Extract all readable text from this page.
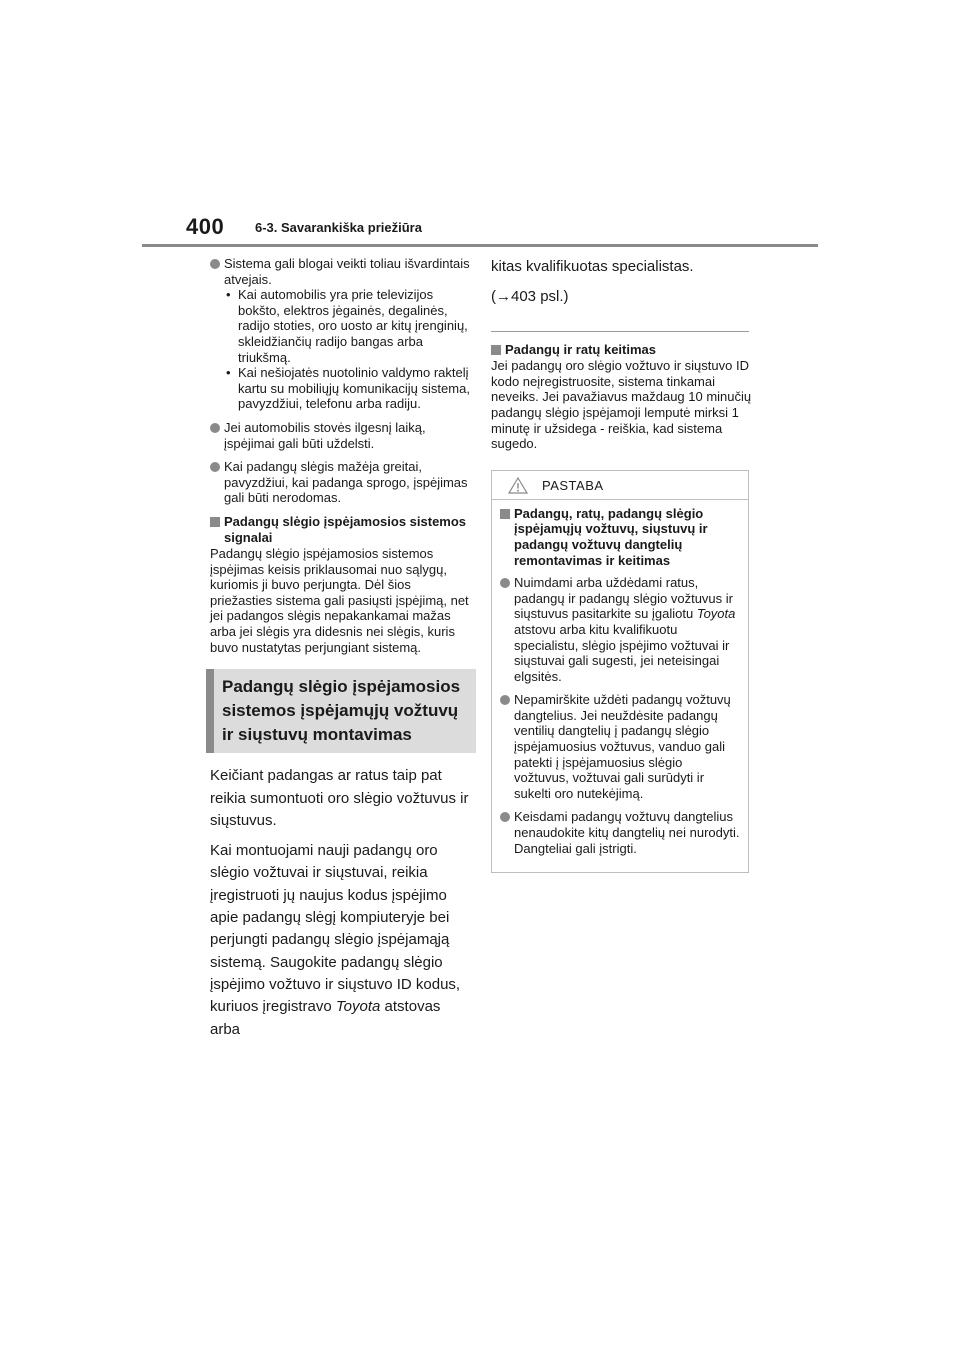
400 6-3. Savarankiška priežiūra
Sistema gali blogai veikti toliau išvardintais atvejais.
• Kai automobilis yra prie televizijos bokšto, elektros jėgainės, degalinės, radijo stoties, oro uosto ar kitų įrenginių, skleidžiančių radijo bangas arba triukšmą.
• Kai nešiojatės nuotolinio valdymo raktelį kartu su mobiliųjų komunikacijų sistema, pavyzdžiui, telefonu arba radiju.
Jei automobilis stovės ilgesnį laiką, įspėjimai gali būti uždelsti.
Kai padangų slėgis mažėja greitai, pavyzdžiui, kai padanga sprogo, įspėjimas gali būti nerodomas.
Padangų slėgio įspėjamosios sistemos signalai
Padangų slėgio įspėjamosios sistemos įspėjimas keisis priklausomai nuo sąlygų, kuriomis ji buvo perjungta. Dėl šios priežasties sistema gali pasiųsti įspėjimą, net jei padangos slėgis nepakankamai mažas arba jei slėgis yra didesnis nei slėgis, kuris buvo nustatytas perjungiant sistemą.
Padangų slėgio įspėjamosios sistemos įspėjamųjų vožtuvų ir siųstuvų montavimas
Keičiant padangas ar ratus taip pat reikia sumontuoti oro slėgio vožtuvus ir siųstuvus.
Kai montuojami nauji padangų oro slėgio vožtuvai ir siųstuvai, reikia įregistruoti jų naujus kodus įspėjimo apie padangų slėgį kompiuteryje bei perjungti padangų slėgio įspėjamąją sistemą. Saugokite padangų slėgio įspėjimo vožtuvo ir siųstuvo ID kodus, kuriuos įregistravo Toyota atstovas arba
kitas kvalifikuotas specialistas.
(→403 psl.)
Padangų ir ratų keitimas
Jei padangų oro slėgio vožtuvo ir siųstuvo ID kodo neįregistruosite, sistema tinkamai neveiks. Jei pavažiavus maždaug 10 minučių padangų slėgio įspėjamoji lemputė mirksi 1 minutę ir užsidega - reiškia, kad sistema sugedo.
PASTABA
Padangų, ratų, padangų slėgio įspėjamųjų vožtuvų, siųstuvų ir padangų vožtuvų dangtelių remontavimas ir keitimas
Nuimdami arba uždėdami ratus, padangų ir padangų slėgio vožtuvus ir siųstuvus pasitarkite su įgaliotu Toyota atstovu arba kitu kvalifikuotu specialistu, slėgio įspėjimo vožtuvai ir siųstuvai gali sugesti, jei neteisingai elgsitės.
Nepamirškite uždėti padangų vožtuvų dangtelius. Jei neuždėsite padangų ventilių dangtelių į padangų slėgio įspėjamuosius vožtuvus, vanduo gali patekti į įspėjamuosius slėgio vožtuvus, vožtuvai gali surūdyti ir sukelti oro nutekėjimą.
Keisdami padangų vožtuvų dangtelius nenaudokite kitų dangtelių nei nurodyti. Dangteliai gali įstrigti.
